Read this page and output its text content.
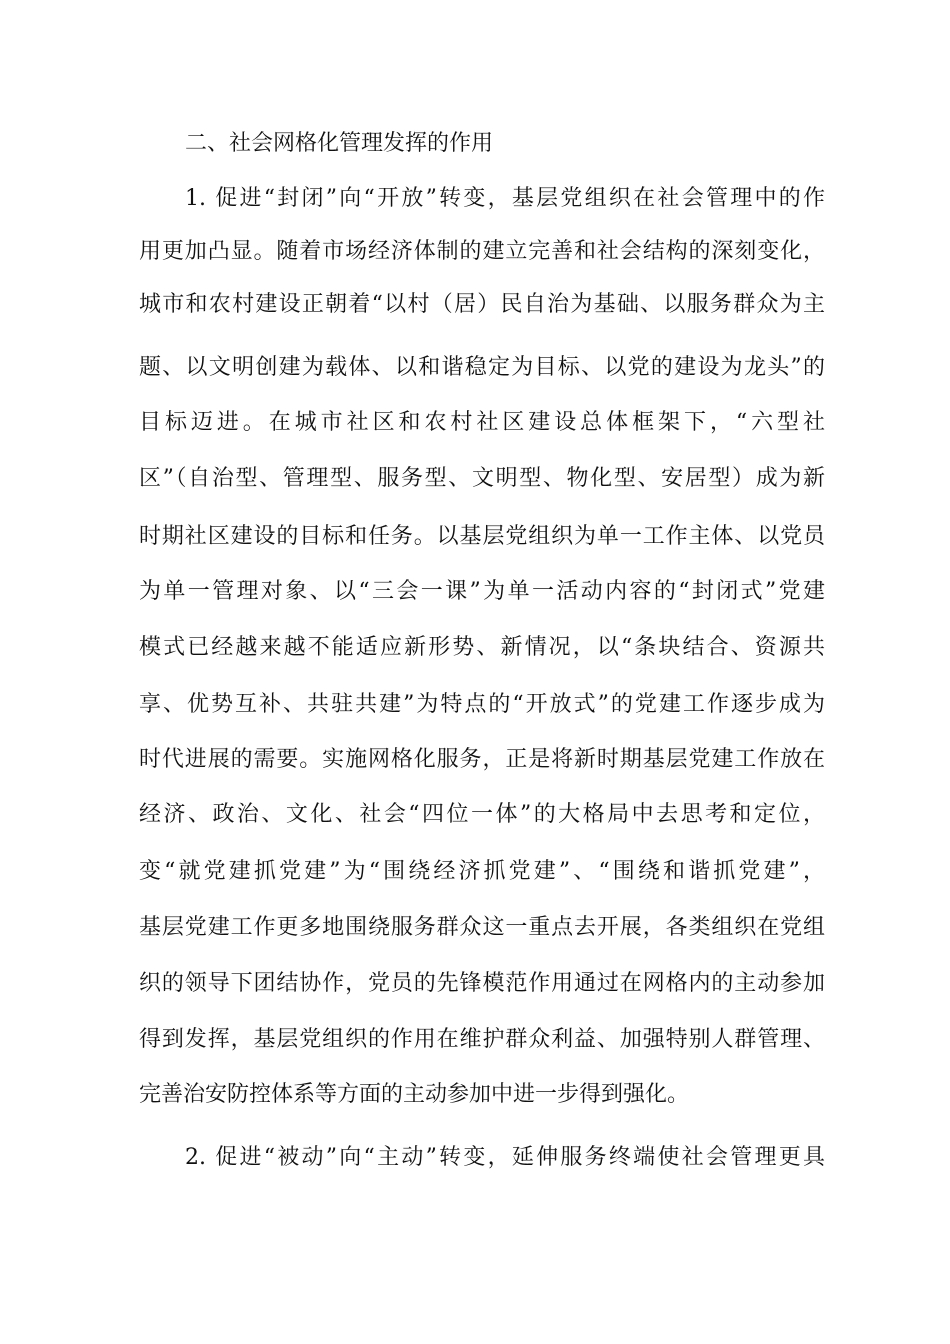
二、社会网格化管理发挥的作用
1. 促进“封闭”向“开放”转变，基层党组织在社会管理中的作
用更加凸显。随着市场经济体制的建立完善和社会结构的深刻变化，
城市和农村建设正朝着“以村（居）民自治为基础、以服务群众为主
题、以文明创建为载体、以和谐稳定为目标、以党的建设为龙头”的
目标迈进。在城市社区和农村社区建设总体框架下，“六型社
区”（自治型、管理型、服务型、文明型、物化型、安居型）成为新
时期社区建设的目标和任务。以基层党组织为单一工作主体、以党员
为单一管理对象、以“三会一课”为单一活动内容的“封闭式”党建
模式已经越来越不能适应新形势、新情况，以“条块结合、资源共
享、优势互补、共驻共建”为特点的“开放式”的党建工作逐步成为
时代进展的需要。实施网格化服务，正是将新时期基层党建工作放在
经济、政治、文化、社会“四位一体”的大格局中去思考和定位，
变“就党建抓党建”为“围绕经济抓党建”、“围绕和谐抓党建”，
基层党建工作更多地围绕服务群众这一重点去开展，各类组织在党组
织的领导下团结协作，党员的先锋模范作用通过在网格内的主动参加
得到发挥，基层党组织的作用在维护群众利益、加强特别人群管理、
完善治安防控体系等方面的主动参加中进一步得到强化。
2. 促进“被动”向“主动”转变，延伸服务终端使社会管理更具
